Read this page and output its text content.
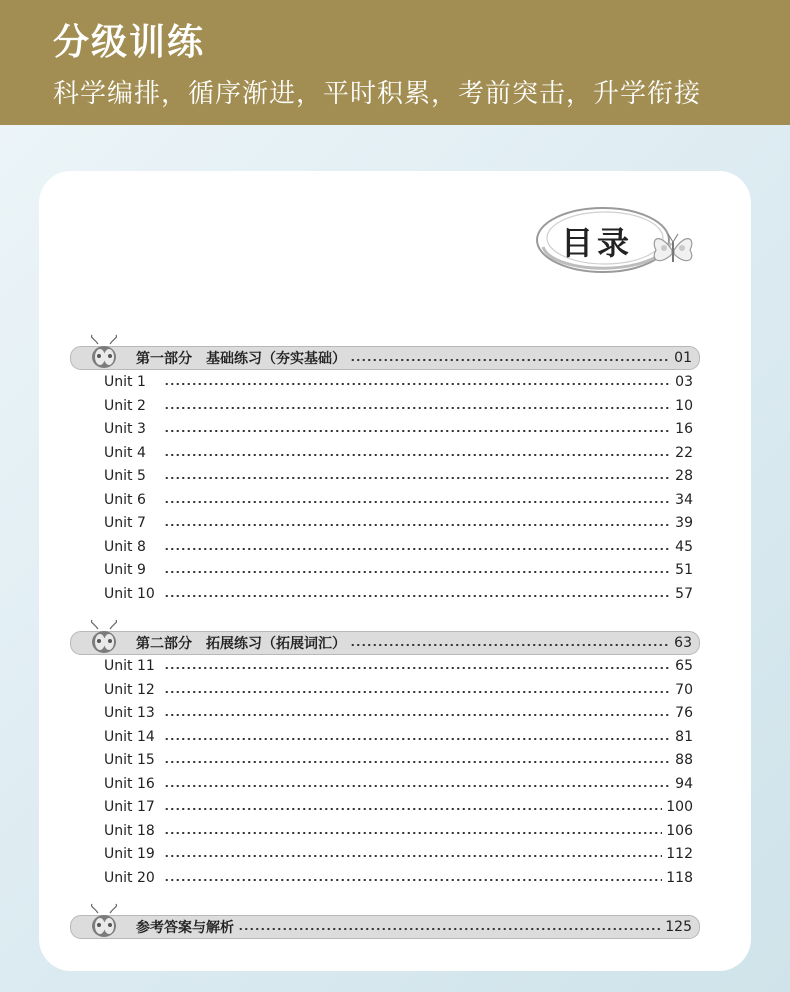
分级训练
科学编排，循序渐进，平时积累，考前突击，升学衔接
目录
第一部分　基础练习（夯实基础）	01
Unit 1	03
Unit 2	10
Unit 3	16
Unit 4	22
Unit 5	28
Unit 6	34
Unit 7	39
Unit 8	45
Unit 9	51
Unit 10	57
第二部分　拓展练习（拓展词汇）	63
Unit 11	65
Unit 12	70
Unit 13	76
Unit 14	81
Unit 15	88
Unit 16	94
Unit 17	100
Unit 18	106
Unit 19	112
Unit 20	118
参考答案与解析	125
